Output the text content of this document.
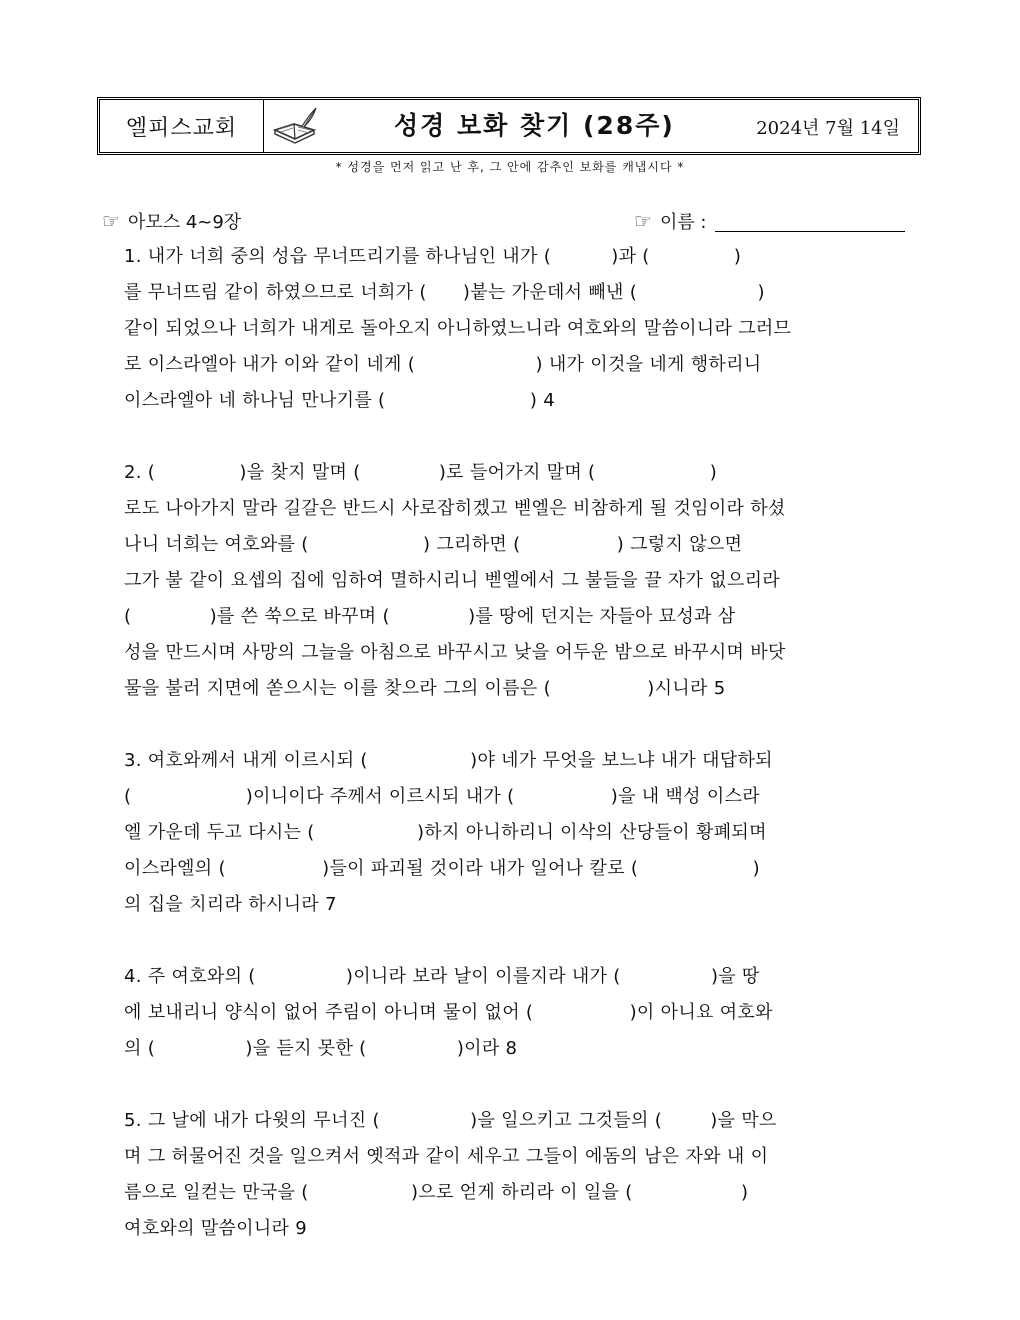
엘피스교회	성경 보화 찾기 (28주)	2024년 7월 14일
* 성경을 먼저 읽고 난 후, 그 안에 감추인 보화를 캐냅시다 *
☞ 아모스 4~9장	☞ 이름 :
1. 내가 너희 중의 성읍 무너뜨리기를 하나님인 내가 (          )과 (              )
를 무너뜨림 같이 하였으므로 너희가 (      )붙는 가운데서 빼낸 (                    )
같이 되었으나 너희가 내게로 돌아오지 아니하였느니라 여호와의 말씀이니라 그러므
로 이스라엘아 내가 이와 같이 네게 (                    ) 내가 이것을 네게 행하리니
이스라엘아 네 하나님 만나기를 (                        ) 4
2. (              )을 찾지 말며 (             )로 들어가지 말며 (                   )
로도 나아가지 말라 길갈은 반드시 사로잡히겠고 벧엘은 비참하게 될 것임이라 하셨
나니 너희는 여호와를 (                   ) 그리하면 (                ) 그렇지 않으면
그가 불 같이 요셉의 집에 임하여 멸하시리니 벧엘에서 그 불들을 끌 자가 없으리라
(             )를 쓴 쑥으로 바꾸며 (             )를 땅에 던지는 자들아 묘성과 삼
성을 만드시며 사망의 그늘을 아침으로 바꾸시고 낮을 어두운 밤으로 바꾸시며 바닷
물을 불러 지면에 쏟으시는 이를 찾으라 그의 이름은 (                )시니라 5
3. 여호와께서 내게 이르시되 (                 )야 네가 무엇을 보느냐 내가 대답하되
(                   )이니이다 주께서 이르시되 내가 (                )을 내 백성 이스라
엘 가운데 두고 다시는 (                 )하지 아니하리니 이삭의 산당들이 황폐되며
이스라엘의 (                )들이 파괴될 것이라 내가 일어나 칼로 (                   )
의 집을 치리라 하시니라 7
4. 주 여호와의 (               )이니라 보라 날이 이를지라 내가 (               )을 땅
에 보내리니 양식이 없어 주림이 아니며 물이 없어 (                )이 아니요 여호와
의 (               )을 듣지 못한 (               )이라 8
5. 그 날에 내가 다윗의 무너진 (               )을 일으키고 그것들의 (        )을 막으
며 그 허물어진 것을 일으켜서 옛적과 같이 세우고 그들이 에돔의 남은 자와 내 이
름으로 일컫는 만국을 (                 )으로 얻게 하리라 이 일을 (                  )
여호와의 말씀이니라 9
